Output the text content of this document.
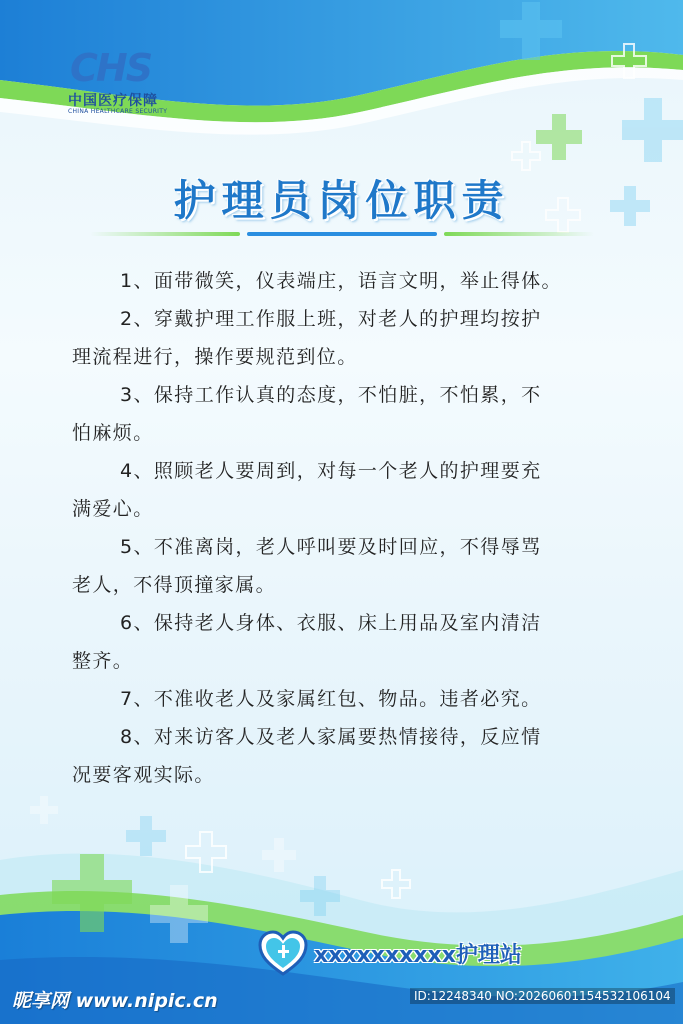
CHS
中国医疗保障
CHINA HEALTHCARE SECURITY
护理员岗位职责
1、面带微笑，仪表端庄，语言文明，举止得体。
2、穿戴护理工作服上班，对老人的护理均按护
理流程进行，操作要规范到位。
3、保持工作认真的态度，不怕脏，不怕累，不
怕麻烦。
4、照顾老人要周到，对每一个老人的护理要充
满爱心。
5、不准离岗，老人呼叫要及时回应，不得辱骂
老人，不得顶撞家属。
6、保持老人身体、衣服、床上用品及室内清洁
整齐。
7、不准收老人及家属红包、物品。违者必究。
8、对来访客人及老人家属要热情接待，反应情
况要客观实际。
xxxxxxxxxx护理站
昵享网 www.nipic.cn	ID:12248340 NO:20260601154532106104
